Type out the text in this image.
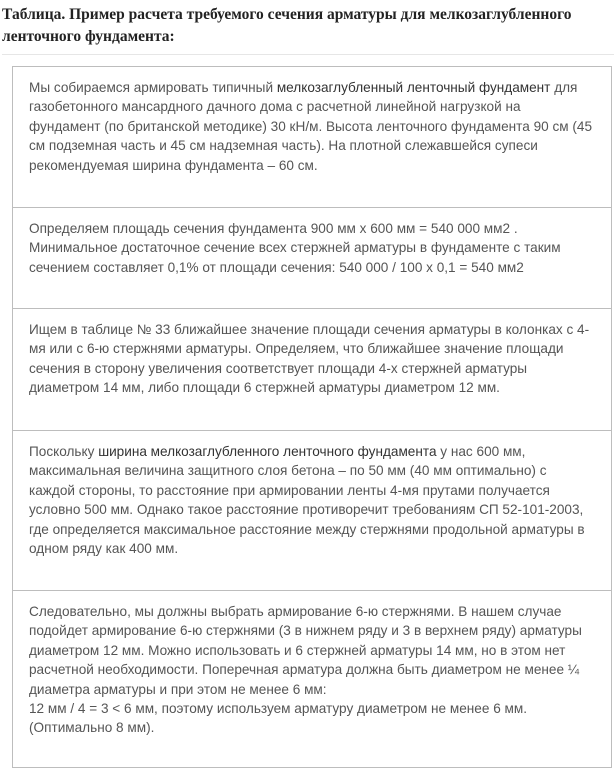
Таблица. Пример расчета требуемого сечения арматуры для мелкозаглубленного ленточного фундамента:

Мы собираемся армировать типичный мелкозаглубленный ленточный фундамент для газобетонного мансардного дачного дома с расчетной линейной нагрузкой на фундамент (по британской методике) 30 кН/м. Высота ленточного фундамента 90 см (45 см подземная часть и 45 см надземная часть). На плотной слежавшейся супеси рекомендуемая ширина фундамента – 60 см.
Определяем площадь сечения фундамента 900 мм х 600 мм = 540 000 мм2 . Минимальное достаточное сечение всех стержней арматуры в фундаменте с таким сечением составляет 0,1% от площади сечения: 540 000 / 100 х 0,1 = 540 мм2
Ищем в таблице № 33 ближайшее значение площади сечения арматуры в колонках с 4-мя или с 6-ю стержнями арматуры. Определяем, что ближайшее значение площади сечения в сторону увеличения соответствует площади 4-х стержней арматуры диаметром 14 мм, либо площади 6 стержней арматуры диаметром 12 мм.
Поскольку ширина мелкозаглубленного ленточного фундамента у нас 600 мм, максимальная величина защитного слоя бетона – по 50 мм (40 мм оптимально) с каждой стороны, то расстояние при армировании ленты 4-мя прутами получается условно 500 мм. Однако такое расстояние противоречит требованиям СП 52-101-2003, где определяется максимальное расстояние между стержнями продольной арматуры в одном ряду как 400 мм.
Следовательно, мы должны выбрать армирование 6-ю стержнями. В нашем случае подойдет армирование 6-ю стержнями (3 в нижнем ряду и 3 в верхнем ряду) арматуры диаметром 12 мм. Можно использовать и 6 стержней арматуры 14 мм, но в этом нет расчетной необходимости. Поперечная арматура должна быть диаметром не менее ¼ диаметра арматуры и при этом не менее 6 мм:
12 мм / 4 = 3 < 6 мм, поэтому используем арматуру диаметром не менее 6 мм. (Оптимально 8 мм).
